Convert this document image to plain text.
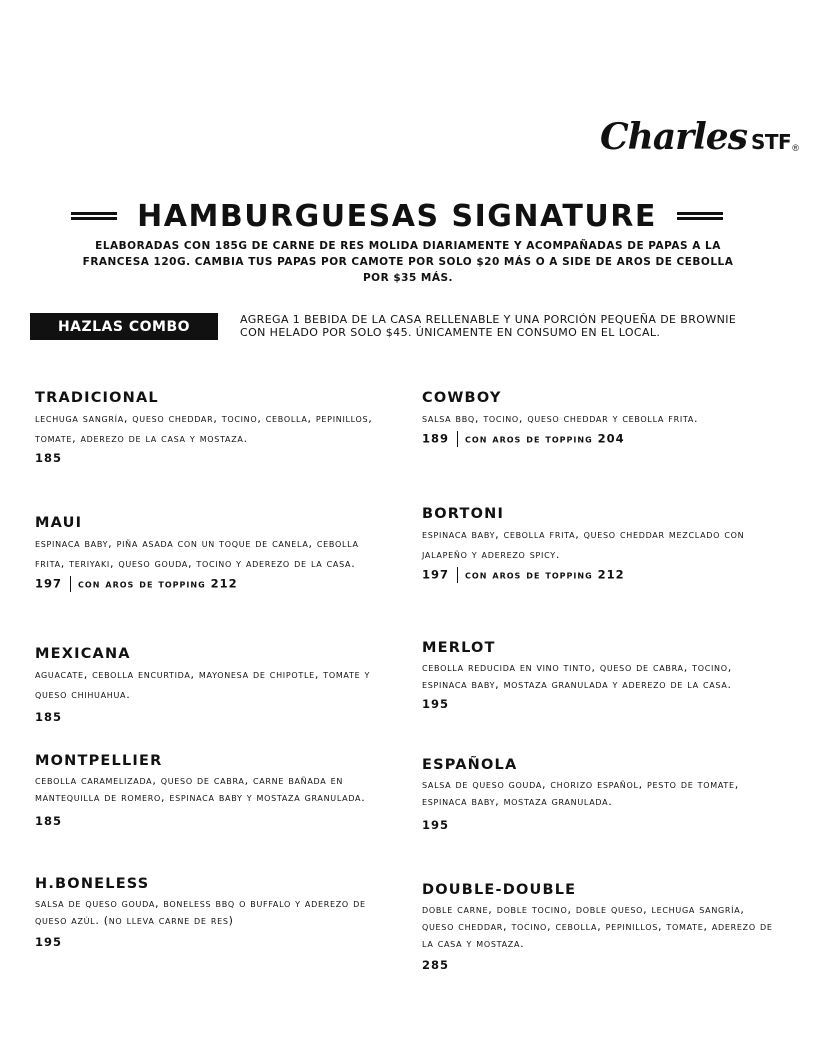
Charles STF®
HAMBURGUESAS SIGNATURE
ELABORADAS CON 185G DE CARNE DE RES MOLIDA DIARIAMENTE Y ACOMPAÑADAS DE PAPAS A LA FRANCESA 120G. CAMBIA TUS PAPAS POR CAMOTE POR SOLO $20 MÁS O A SIDE DE AROS DE CEBOLLA POR $35 MÁS.
HAZLAS COMBO	AGREGA 1 BEBIDA DE LA CASA RELLENABLE Y UNA PORCIÓN PEQUEÑA DE BROWNIE CON HELADO POR SOLO $45. ÚNICAMENTE EN CONSUMO EN EL LOCAL.
TRADICIONAL
lechuga sangría, queso cheddar, tocino, cebolla, pepinillos, tomate, aderezo de la casa y mostaza.
185
MAUI
espinaca baby, piña asada con un toque de canela, cebolla frita, teriyaki, queso gouda, tocino y aderezo de la casa.
197 con aros de topping 212
MEXICANA
aguacate, cebolla encurtida, mayonesa de chipotle, tomate y queso chihuahua.
185
MONTPELLIER
cebolla caramelizada, queso de cabra, carne bañada en mantequilla de romero, espinaca baby y mostaza granulada.
185
H.BONELESS
salsa de queso gouda, boneless bbq o buffalo y aderezo de queso azúl. (no lleva carne de res)
195
COWBOY
salsa bbq, tocino, queso cheddar y cebolla frita.
189 con aros de topping 204
BORTONI
espinaca baby, cebolla frita, queso cheddar mezclado con jalapeño y aderezo spicy.
197 con aros de topping 212
MERLOT
cebolla reducida en vino tinto, queso de cabra, tocino, espinaca baby, mostaza granulada y aderezo de la casa.
195
ESPAÑOLA
salsa de queso gouda, chorizo español, pesto de tomate, espinaca baby, mostaza granulada.
195
DOUBLE-DOUBLE
doble carne, doble tocino, doble queso, lechuga sangría, queso cheddar, tocino, cebolla, pepinillos, tomate, aderezo de la casa y mostaza.
285
